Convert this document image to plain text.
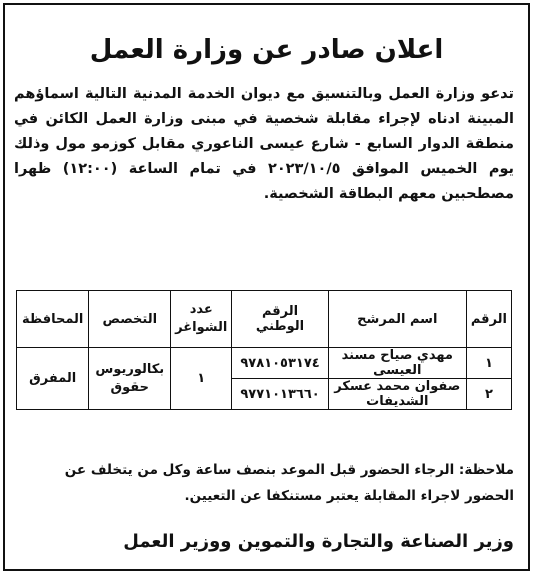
اعلان صادر عن وزارة العمل
تدعو وزارة العمل وبالتنسيق مع ديوان الخدمة المدنية التالية اسماؤهم المبينة ادناه لإجراء مقابلة شخصية في مبنى وزارة العمل الكائن في منطقة الدوار السابع - شارع عيسى الناعوري مقابل كوزمو مول وذلك يوم الخميس الموافق ٢٠٢٣/١٠/٥ في تمام الساعة (١٢:٠٠) ظهرا مصطحبين معهم البطاقة الشخصية.
الرقم	اسم المرشح	الرقم الوطني	عدد الشواغر	التخصص	المحافظة
١	مهدي صياح مسند العيسى	٩٧٨١٠٥٣١٧٤	١	بكالوريوس حقوق	المفرق
٢	صفوان محمد عسكر الشديفات	٩٧٧١٠١٣٦٦٠			
ملاحظة: الرجاء الحضور قبل الموعد بنصف ساعة وكل من يتخلف عن الحضور لاجراء المقابلة يعتبر مستنكفا عن التعيين.
وزير الصناعة والتجارة والتموين ووزير العمل
